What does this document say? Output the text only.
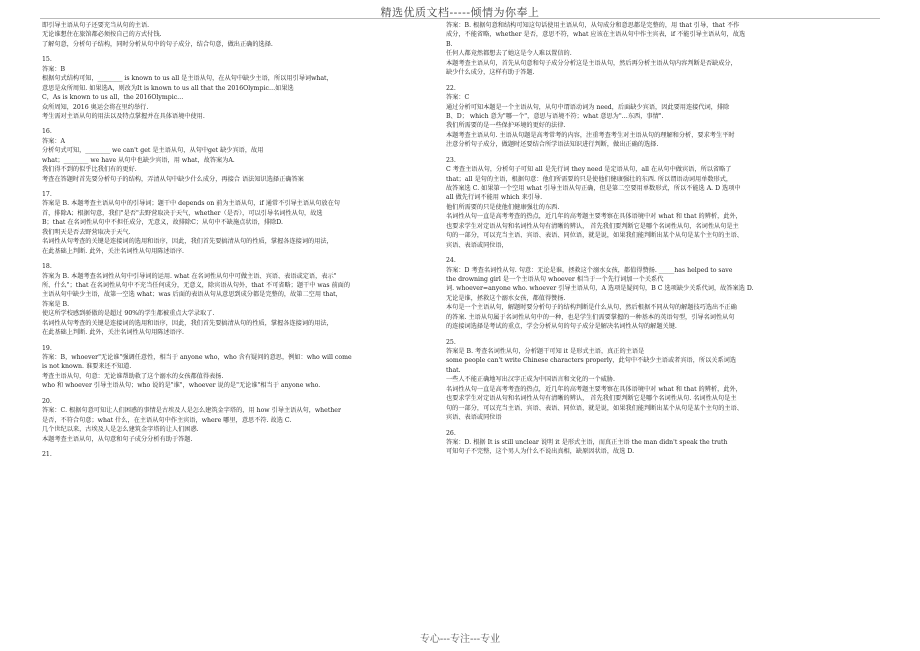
精选优质文档-----倾情为你奉上
即引导主语从句子还要充当从句的主语.
无论谁想住在旅馆都必须按自己的方式付钱.
了解句意，分析句子结构，同时分析从句中的句子成分，结合句意，做出正确的选择.
15.
答案：B
根据句式结构可知，________ is known to us all 是主语从句，在从句中缺少主语，所以用引导词what，
意思是众所周知. 如果选A，则改为It is known to us all that the 2016Olympic…如果选
C，As is known to us all，the 2016Olympic…
众所周知，2016 奥运会将在里约举行.
考生需对主语从句的用法以及特点掌握并在具体语境中使用.
16.
答案：A
分析句式可知，________ we can't get 是主语从句，从句中get 缺少宾语，故用
what；________ we have 从句中也缺少宾语，用 what，故答案为A.
我们得不到的似乎比我们有的更好.
考查在答题时首先要分析句子的结构，弄清从句中缺少什么成分，再接合 语法知识选择正确答案
17.
答案是 B. 本题考查主语从句中的引导词；题干中 depends on 前为主语从句，if 通常不引导主语从句放在句
首，排除A；根据句意，我们"是否"去野营取决于天气，whether（是否），可以引导名词性从句，故选
B；that 在名词性从句中不担任成分，无意义，故排除C；从句中不缺施点状语，排除D.
我们明天是否去野营取决于天气.
名词性从句考查的关键是连接词的选用和语序，因此，我们首先要搞清从句的性质，掌握各连接词的用法，
在此基础上判断. 此外，关注名词性从句用陈述语序.
18.
答案为 B. 本题考查名词性从句中引导词的运用. what 在名词性从句中可做主语、宾语、表语或定语，表示"
所、什么"；that 在名词性从句中不充当任何成分，无意义，除宾语从句外，that 不可省略；题干中 was 前面的
主语从句中缺少主语，故第一空选 what；was 后面的表语从句从意思到成分都是完整的，故第二空用 that，
答案是 B.
使这所学校感到骄傲的是超过 90%的学生都被重点大学录取了.
名词性从句考查的关键是连接词的选用和语序，因此，我们首先要搞清从句的性质，掌握各连接词的用法，
在此基础上判断. 此外，关注名词性从句用陈述语序.
19.
答案：B，whoever"无论谁"强调任意性，相当于 anyone who，who 含有疑问的意思，例如：who will come
is not known. 谁要来还不知道.
考查主语从句，句意：无论谁帮助救了这个溺水的女孩都值得表扬.
who 和 whoever 引导主语从句；who 说的是"谁"，whoever 说的是"无论谁"相当于 anyone who.
20.
答案：C. 根据句意可知让人们困惑的事情是古埃及人是怎么建筑金字塔的，用 how 引导主语从句，whether
是否，不符合句意；what 什么，在主语从句中作主宾语，where 哪里，意思不符. 故选 C.
几个世纪以来，古埃及人是怎么建筑金字塔的让人们困惑.
本题考查主语从句，从句意和句子成分分析有助于答题.
21.
答案：B. 根据句意和结构可知这句话使用主语从句，从句成分和意思都是完整的，用 that 引导，that 不作
成分，不能省略，whether 是否，意思不符，what 应该在主语从句中作主宾表，if 不能引导主语从句，故选
B.
任何人都竟然都想去了她这是令人难以置信的.
本题考查主语从句，首先从句意和句子成分分析这是主语从句，然后再分析主语从句内容判断是否缺成分，
缺少什么成分，这样有助于答题.
22.
答案：C
通过分析可知本题是一个主语从句，从句中谓语动词为 need，后面缺少宾语，因此要用连接代词，排除
B、D； which 意为"哪一个"，意思与语境不符；what 意思为"…东西，事情".
我们所需要的是一些保护环境的更好的法律.
本题考查主语从句. 主语从句题是高考常考的内容，注重考查考生对主语从句的理解和分析，要求考生平时
注意分析句子成分，做题时还要结合所学语法知识进行判断，做出正确的选择.
23.
C 考查主语从句，分析句子可知 all 是先行词 they need 是定语从句，all 在从句中做宾语，所以省略了
that；all 是句的主语，根据句意：他们所需要的只是使他们健康强壮的东西. 所以谓语动词用单数形式，
故答案选 C. 如果第一个空用 what 引导主语从句正确，但是第二空要用单数形式，所以不能选 A. D 选项中
all 做先行词不能用 which 来引导.
他们所需要的只是使他们健康强壮的东西.
名词性从句一直是高考考查的热点，近几年的高考题主要考察在具体语境中对 what 和 that 的辨析，此外，
也要求学生对定语从句和名词性从句有清晰的辨认， 首先我们要判断它是哪个名词性从句，名词性从句是主
句的一部分，可以充当主语、宾语、表语、同位语，就是说，如果我们能判断出某个从句是某个主句的主语、
宾语、表语或同位语，
24.
答案：D 考查名词性从句. 句意：无论是谁，拯救这个溺水女孩，都值得赞扬. _____has helped to save
the drowning girl 是一个主语从句 whoever 相当于一个先行词加一个关系代
词. whoever=anyone who. whoever 引导主语从句，A 选项是疑问句，B C 选项缺少关系代词，故答案选 D.
无论是谁，拯救这个溺水女孩，都值得赞扬.
本句是一个主语从句，解题时要分析句子的结构判断是什么从句，然后根据不同从句的解题技巧选出不正确
的答案. 主语从句属于名词性从句中的一种，也是学生们需要掌握的一种基本的英语句型，引导名词性从句
的连接词选择是考试的重点，学会分析从句的句子成分是解决名词性从句的解题关键.
25.
答案是 B. 考查名词性从句，分析题干可知 it 是形式主语，真正的主语是
some people can't write Chinese characters properly，此句中不缺少主语或者宾语，所以关系词选
that.
一些人不能正确地写出汉字正成为中国语言和文化的一个威胁.
名词性从句一直是高考考查的热点，近几年的高考题主要考察在具体语境中对 what 和 that 的辨析，此外，
也要求学生对定语从句和名词性从句有清晰的辨认， 首先我们要判断它是哪个名词性从句. 名词性从句是主
句的一部分，可以充当主语、宾语、表语、同位语，就是说，如果我们能判断出某个从句是某个主句的主语、
宾语、表语或同位语
26.
答案：D. 根据 It is still unclear 说明 it 是形式主语，而真正主语 the man didn't speak the truth
可知句子不完整，这个男人为什么不说出真相，缺原因状语，故选 D.
专心---专注---专业
